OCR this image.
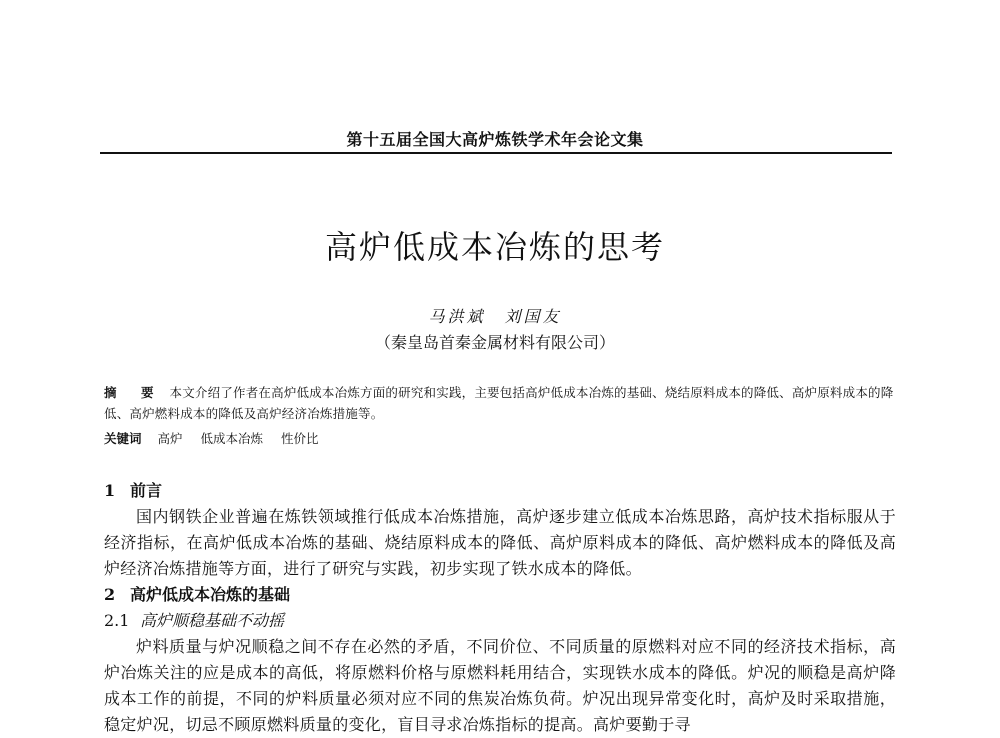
第十五届全国大高炉炼铁学术年会论文集
高炉低成本冶炼的思考
马洪斌　刘国友
（秦皇岛首秦金属材料有限公司）
摘　要 本文介绍了作者在高炉低成本冶炼方面的研究和实践，主要包括高炉低成本冶炼的基础、烧结原料成本的降低、高炉原料成本的降低、高炉燃料成本的降低及高炉经济冶炼措施等。
关键词 高炉 低成本冶炼 性价比
1 前言
国内钢铁企业普遍在炼铁领域推行低成本冶炼措施，高炉逐步建立低成本冶炼思路，高炉技术指标服从于经济指标，在高炉低成本冶炼的基础、烧结原料成本的降低、高炉原料成本的降低、高炉燃料成本的降低及高炉经济冶炼措施等方面，进行了研究与实践，初步实现了铁水成本的降低。
2 高炉低成本冶炼的基础
2.1 高炉顺稳基础不动摇
炉料质量与炉况顺稳之间不存在必然的矛盾，不同价位、不同质量的原燃料对应不同的经济技术指标，高炉冶炼关注的应是成本的高低，将原燃料价格与原燃料耗用结合，实现铁水成本的降低。炉况的顺稳是高炉降成本工作的前提，不同的炉料质量必须对应不同的焦炭冶炼负荷。炉况出现异常变化时，高炉及时采取措施，稳定炉况，切忌不顾原燃料质量的变化，盲目寻求冶炼指标的提高。高炉要勤于寻
